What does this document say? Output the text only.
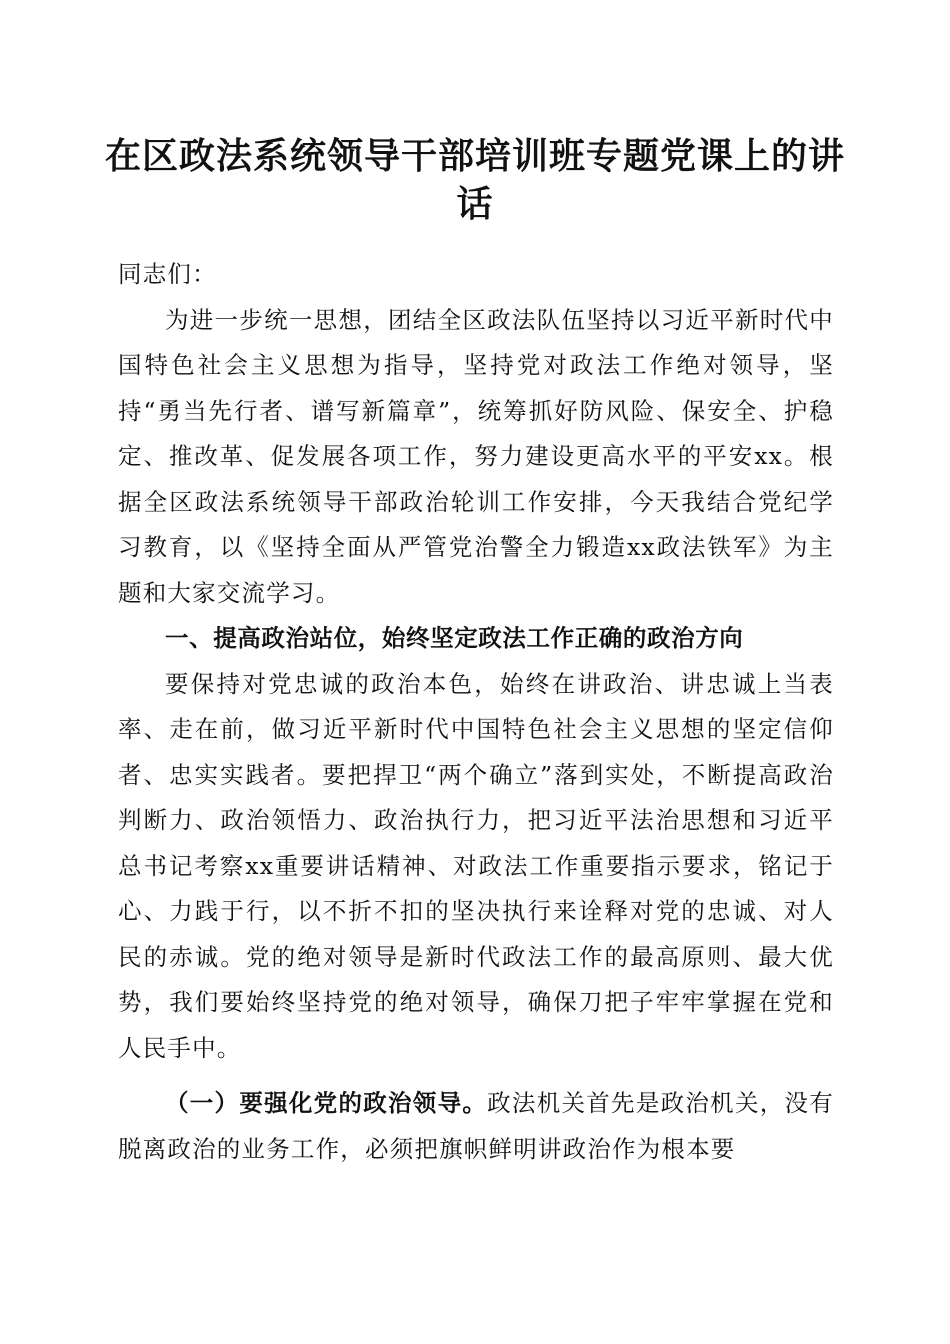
在区政法系统领导干部培训班专题党课上的讲话

同志们：

为进一步统一思想，团结全区政法队伍坚持以习近平新时代中国特色社会主义思想为指导，坚持党对政法工作绝对领导，坚持“勇当先行者、谱写新篇章”，统筹抓好防风险、保安全、护稳定、推改革、促发展各项工作，努力建设更高水平的平安xx。根据全区政法系统领导干部政治轮训工作安排，今天我结合党纪学习教育，以《坚持全面从严管党治警全力锻造xx政法铁军》为主题和大家交流学习。

一、提高政治站位，始终坚定政法工作正确的政治方向

要保持对党忠诚的政治本色，始终在讲政治、讲忠诚上当表率、走在前，做习近平新时代中国特色社会主义思想的坚定信仰者、忠实实践者。要把捍卫“两个确立”落到实处，不断提高政治判断力、政治领悟力、政治执行力，把习近平法治思想和习近平总书记考察xx重要讲话精神、对政法工作重要指示要求，铭记于心、力践于行，以不折不扣的坚决执行来诠释对党的忠诚、对人民的赤诚。党的绝对领导是新时代政法工作的最高原则、最大优势，我们要始终坚持党的绝对领导，确保刀把子牢牢掌握在党和人民手中。

（一）要强化党的政治领导。政法机关首先是政治机关，没有脱离政治的业务工作，必须把旗帜鲜明讲政治作为根本要
